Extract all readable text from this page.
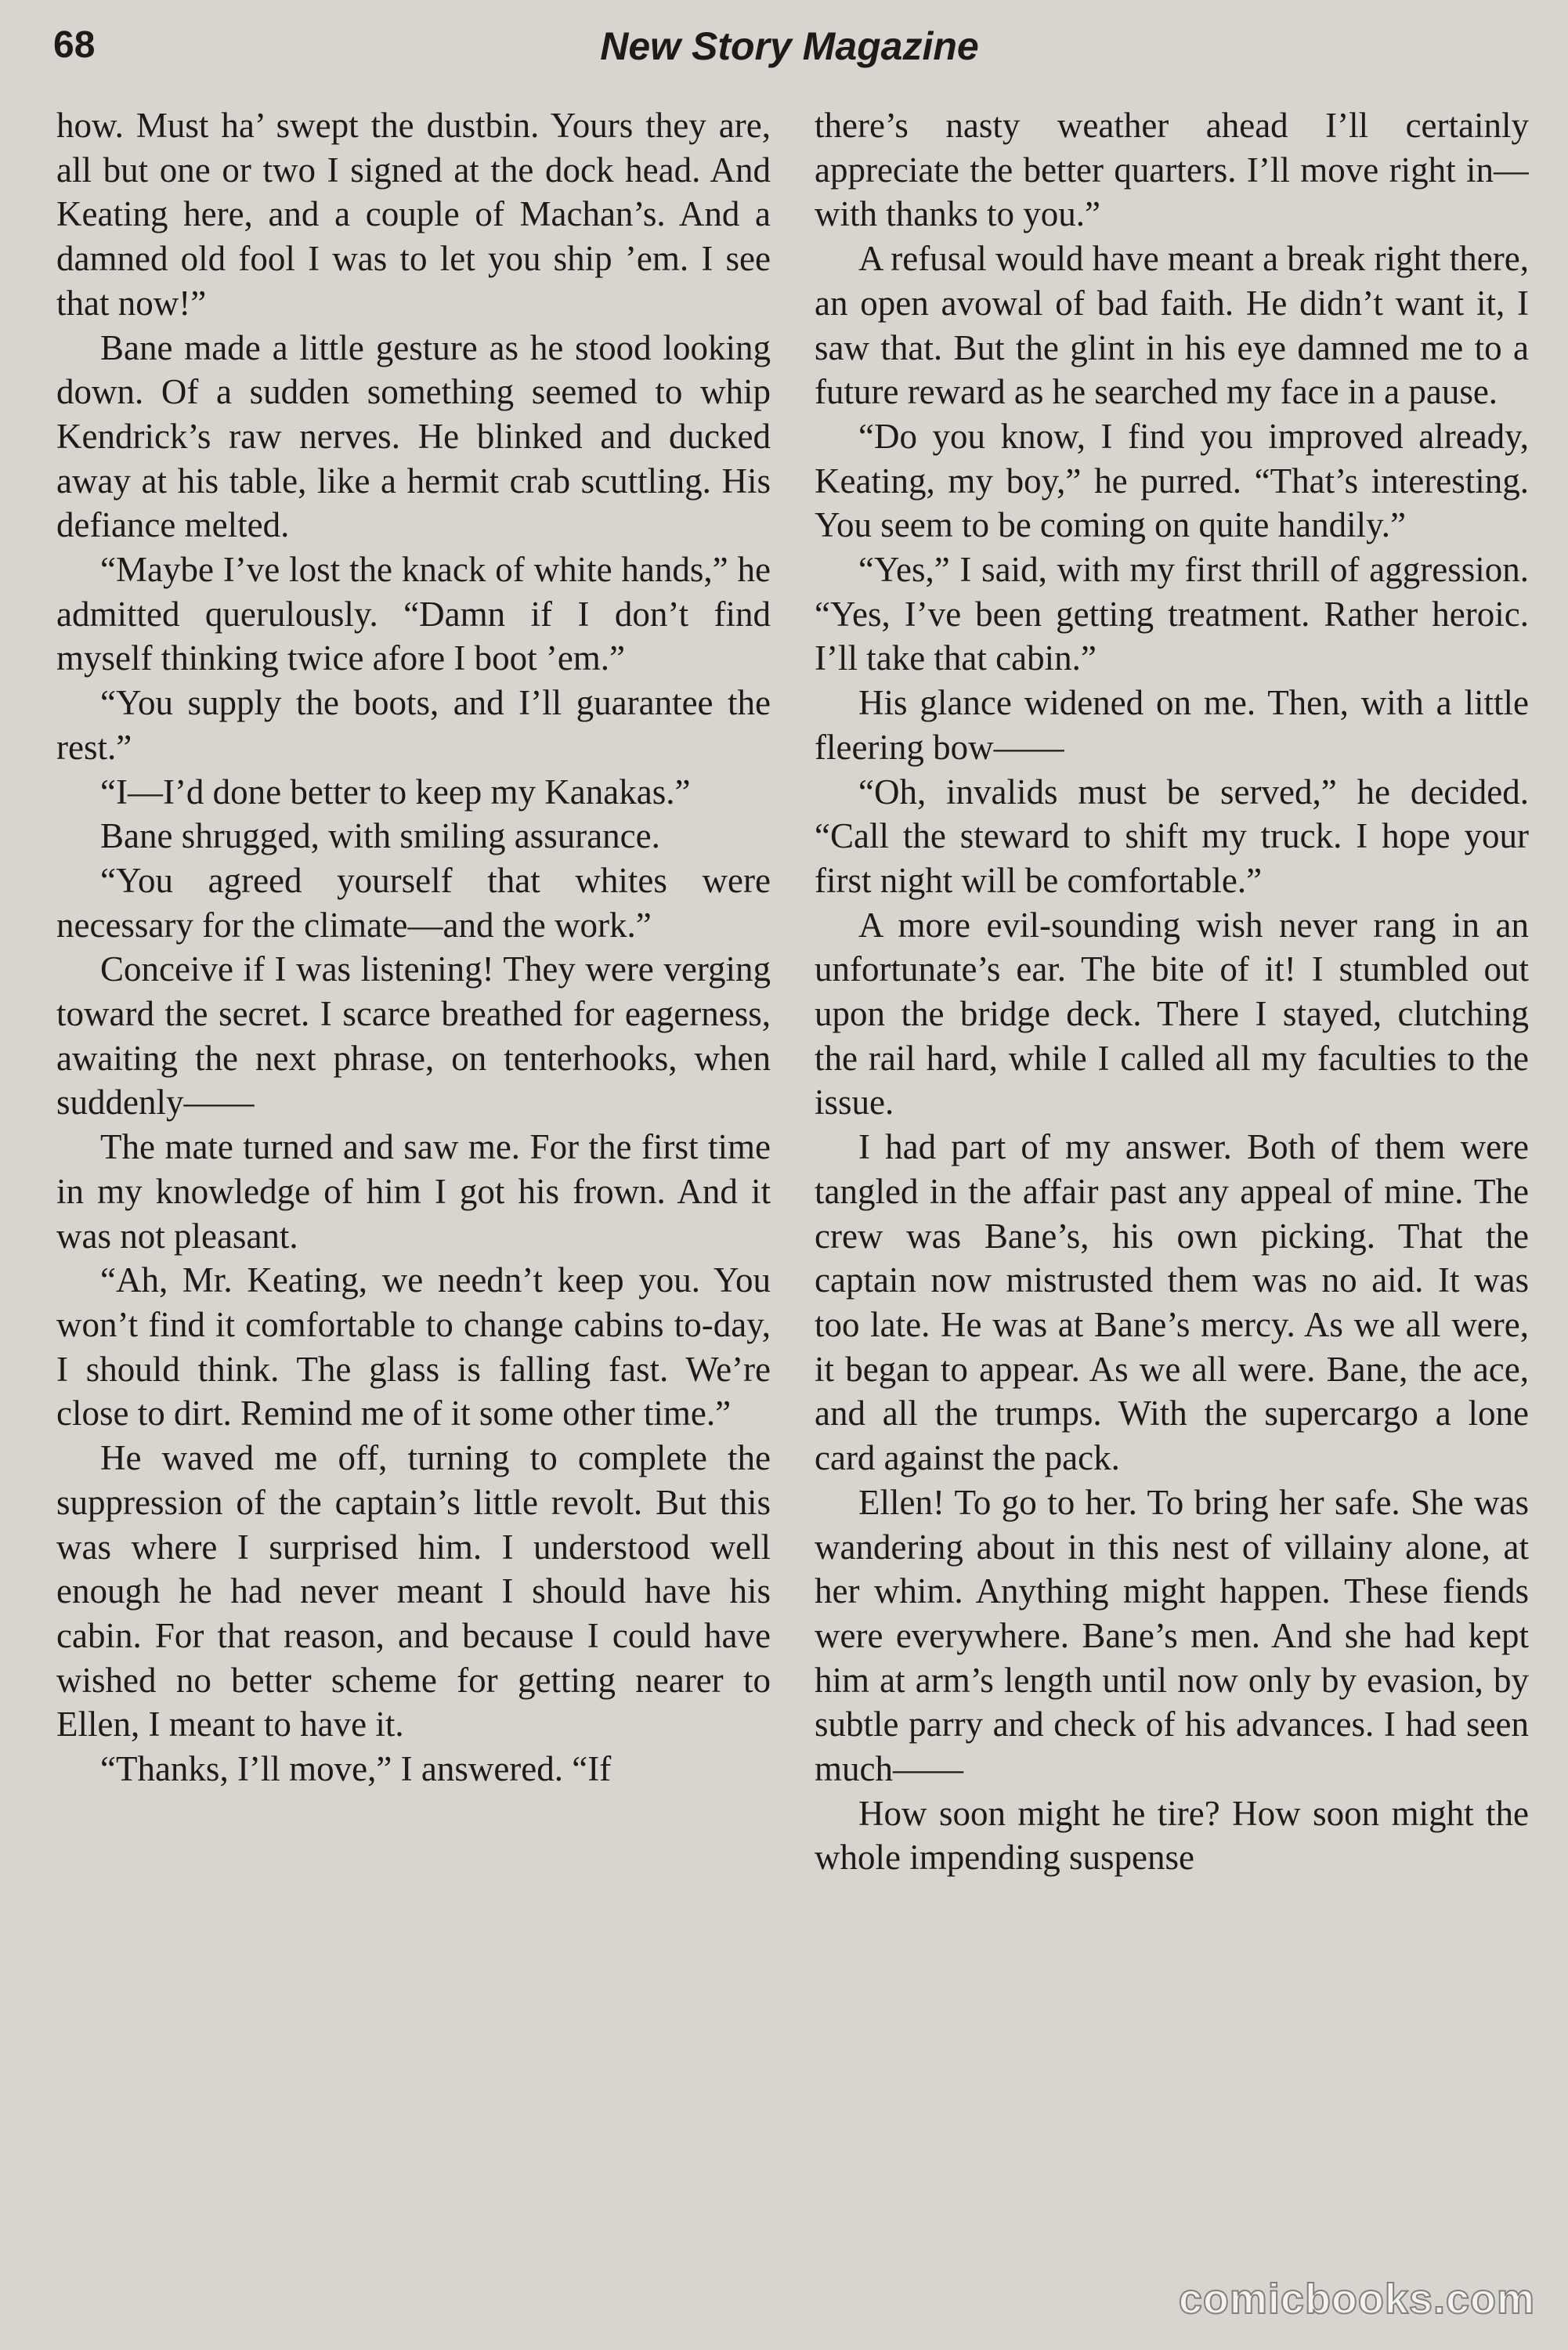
68	New Story Magazine

how. Must ha’ swept the dustbin. Yours they are, all but one or two I signed at the dock head. And Keating here, and a couple of Machan’s. And a damned old fool I was to let you ship ’em. I see that now!”

Bane made a little gesture as he stood looking down. Of a sudden something seemed to whip Kendrick’s raw nerves. He blinked and ducked away at his table, like a hermit crab scuttling. His defiance melted.

“Maybe I’ve lost the knack of white hands,” he admitted querulously. “Damn if I don’t find myself thinking twice afore I boot ’em.”

“You supply the boots, and I’ll guarantee the rest.”

“I—I’d done better to keep my Kanakas.”

Bane shrugged, with smiling assurance.

“You agreed yourself that whites were necessary for the climate—and the work.”

Conceive if I was listening! They were verging toward the secret. I scarce breathed for eagerness, awaiting the next phrase, on tenterhooks, when suddenly——

The mate turned and saw me. For the first time in my knowledge of him I got his frown. And it was not pleasant.

“Ah, Mr. Keating, we needn’t keep you. You won’t find it comfortable to change cabins to-day, I should think. The glass is falling fast. We’re close to dirt. Remind me of it some other time.”

He waved me off, turning to complete the suppression of the captain’s little revolt. But this was where I surprised him. I understood well enough he had never meant I should have his cabin. For that reason, and because I could have wished no better scheme for getting nearer to Ellen, I meant to have it.

“Thanks, I’ll move,” I answered. “If

there’s nasty weather ahead I’ll certainly appreciate the better quarters. I’ll move right in—with thanks to you.”

A refusal would have meant a break right there, an open avowal of bad faith. He didn’t want it, I saw that. But the glint in his eye damned me to a future reward as he searched my face in a pause.

“Do you know, I find you improved already, Keating, my boy,” he purred. “That’s interesting. You seem to be coming on quite handily.”

“Yes,” I said, with my first thrill of aggression. “Yes, I’ve been getting treatment. Rather heroic. I’ll take that cabin.”

His glance widened on me. Then, with a little fleering bow——

“Oh, invalids must be served,” he decided. “Call the steward to shift my truck. I hope your first night will be comfortable.”

A more evil-sounding wish never rang in an unfortunate’s ear. The bite of it! I stumbled out upon the bridge deck. There I stayed, clutching the rail hard, while I called all my faculties to the issue.

I had part of my answer. Both of them were tangled in the affair past any appeal of mine. The crew was Bane’s, his own picking. That the captain now mistrusted them was no aid. It was too late. He was at Bane’s mercy. As we all were, it began to appear. As we all were. Bane, the ace, and all the trumps. With the supercargo a lone card against the pack.

Ellen! To go to her. To bring her safe. She was wandering about in this nest of villainy alone, at her whim. Anything might happen. These fiends were everywhere. Bane’s men. And she had kept him at arm’s length until now only by evasion, by subtle parry and check of his advances. I had seen much——

How soon might he tire? How soon might the whole impending suspense

comicbooks.com
